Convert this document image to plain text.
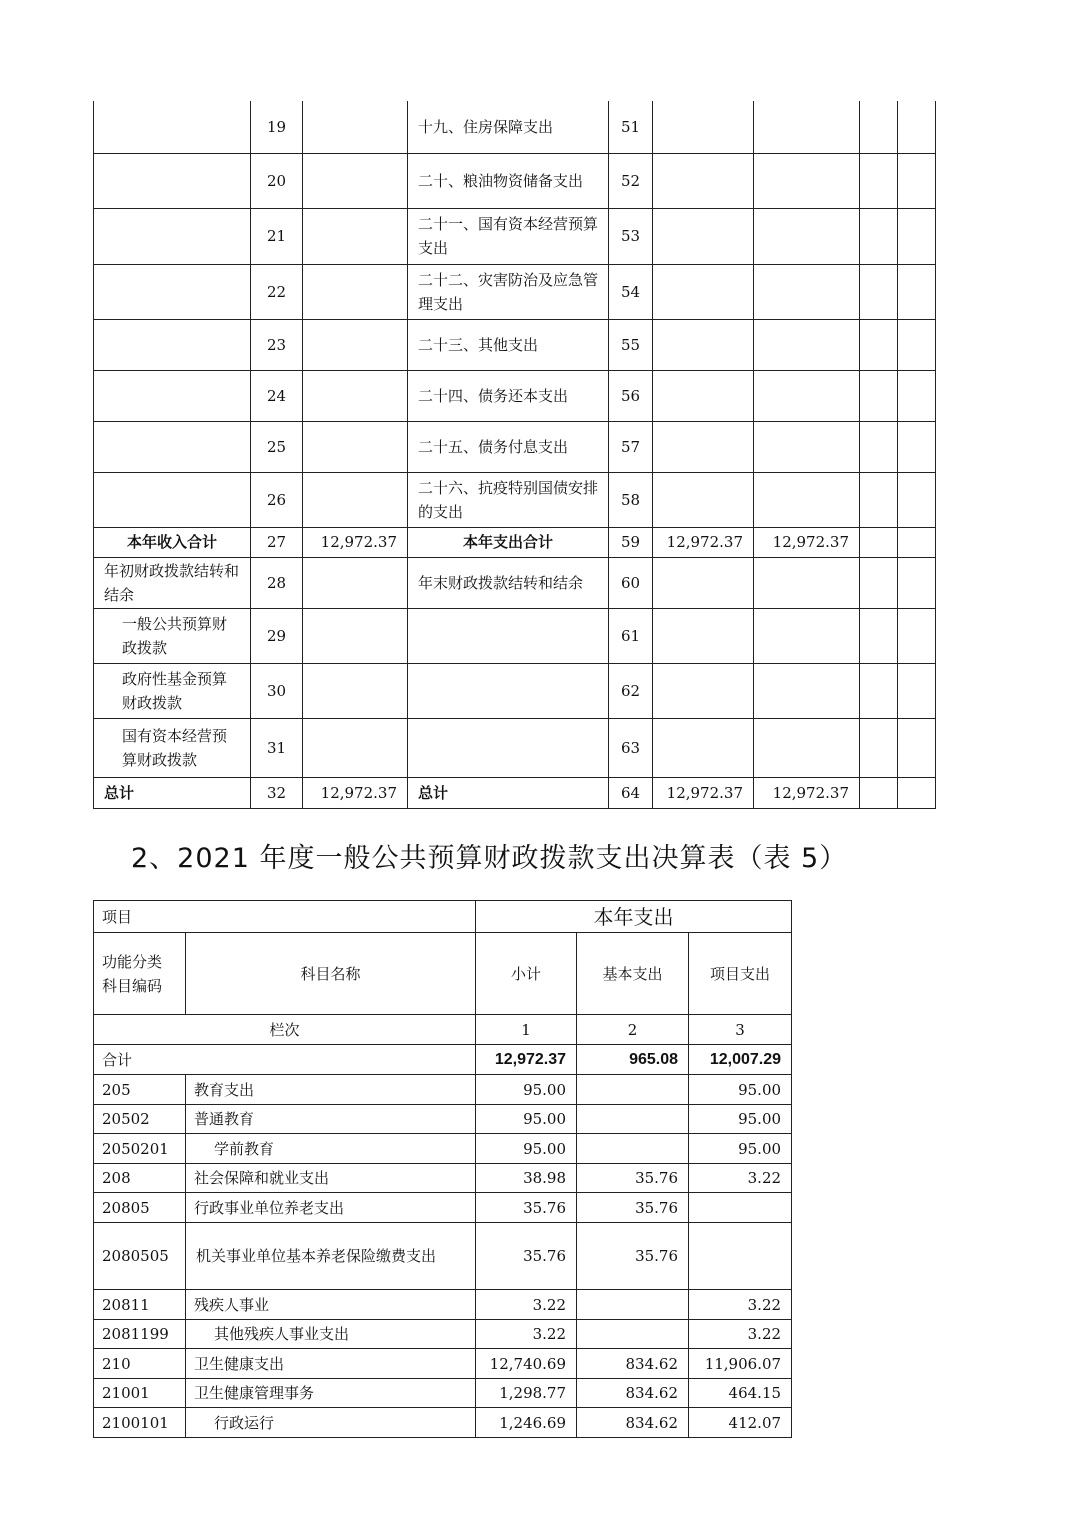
	19		十九、住房保障支出	51				
	20		二十、粮油物资储备支出	52				
	21		二十一、国有资本经营预算支出	53				
	22		二十二、灾害防治及应急管理支出	54				
	23		二十三、其他支出	55				
	24		二十四、债务还本支出	56				
	25		二十五、债务付息支出	57				
	26		二十六、抗疫特别国债安排的支出	58				
本年收入合计	27	12,972.37	本年支出合计	59	12,972.37	12,972.37		
年初财政拨款结转和结余	28		年末财政拨款结转和结余	60				
一般公共预算财政拨款	29			61				
政府性基金预算财政拨款	30			62				
国有资本经营预算财政拨款	31			63				
总计	32	12,972.37	总计	64	12,972.37	12,972.37		
2、2021 年度一般公共预算财政拨款支出决算表（表 5）
项目		本年支出		
功能分类科目编码	科目名称	小计	基本支出	项目支出
栏次		1	2	3
合计		12,972.37	965.08	12,007.29
205	教育支出	95.00		95.00
20502	普通教育	95.00		95.00
2050201	学前教育	95.00		95.00
208	社会保障和就业支出	38.98	35.76	3.22
20805	行政事业单位养老支出	35.76	35.76	
2080505	机关事业单位基本养老保险缴费支出	35.76	35.76	
20811	残疾人事业	3.22		3.22
2081199	其他残疾人事业支出	3.22		3.22
210	卫生健康支出	12,740.69	834.62	11,906.07
21001	卫生健康管理事务	1,298.77	834.62	464.15
2100101	行政运行	1,246.69	834.62	412.07
